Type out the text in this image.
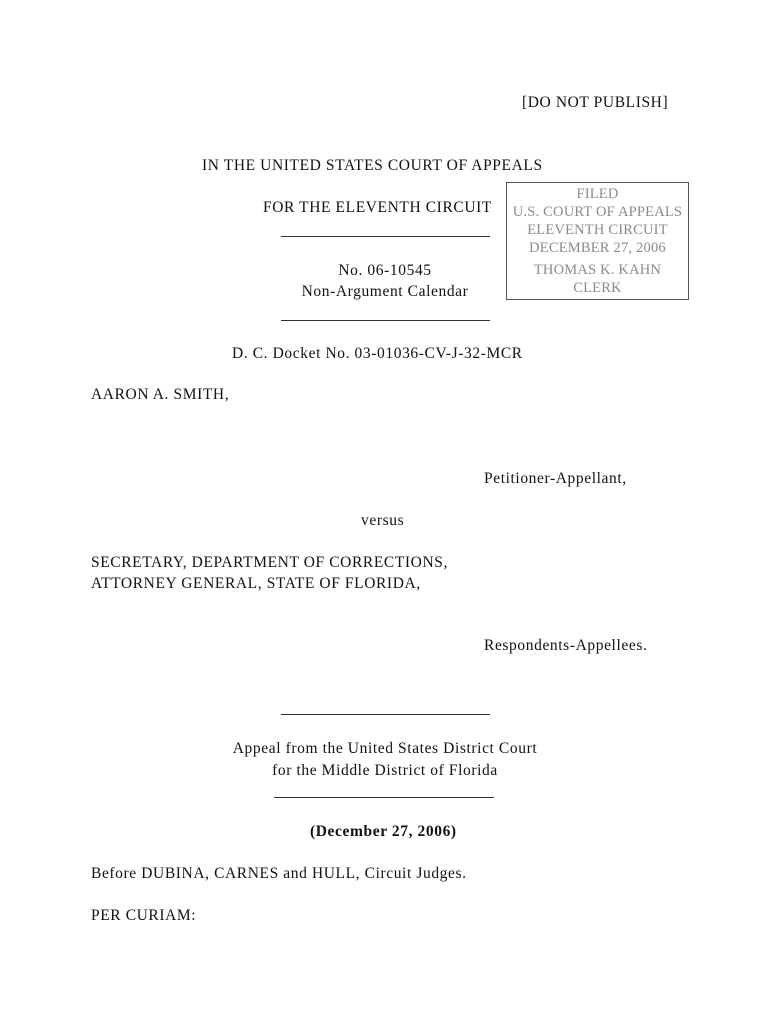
[DO NOT PUBLISH]
IN THE UNITED STATES COURT OF APPEALS
FOR THE ELEVENTH CIRCUIT
FILED
U.S. COURT OF APPEALS
ELEVENTH CIRCUIT
DECEMBER 27, 2006
THOMAS K. KAHN
CLERK
No. 06-10545
Non-Argument Calendar
D. C. Docket No. 03-01036-CV-J-32-MCR
AARON A. SMITH,
Petitioner-Appellant,
versus
SECRETARY, DEPARTMENT OF CORRECTIONS,
ATTORNEY GENERAL, STATE OF FLORIDA,
Respondents-Appellees.
Appeal from the United States District Court
for the Middle District of Florida
(December 27, 2006)
Before DUBINA, CARNES and HULL, Circuit Judges.
PER CURIAM:
